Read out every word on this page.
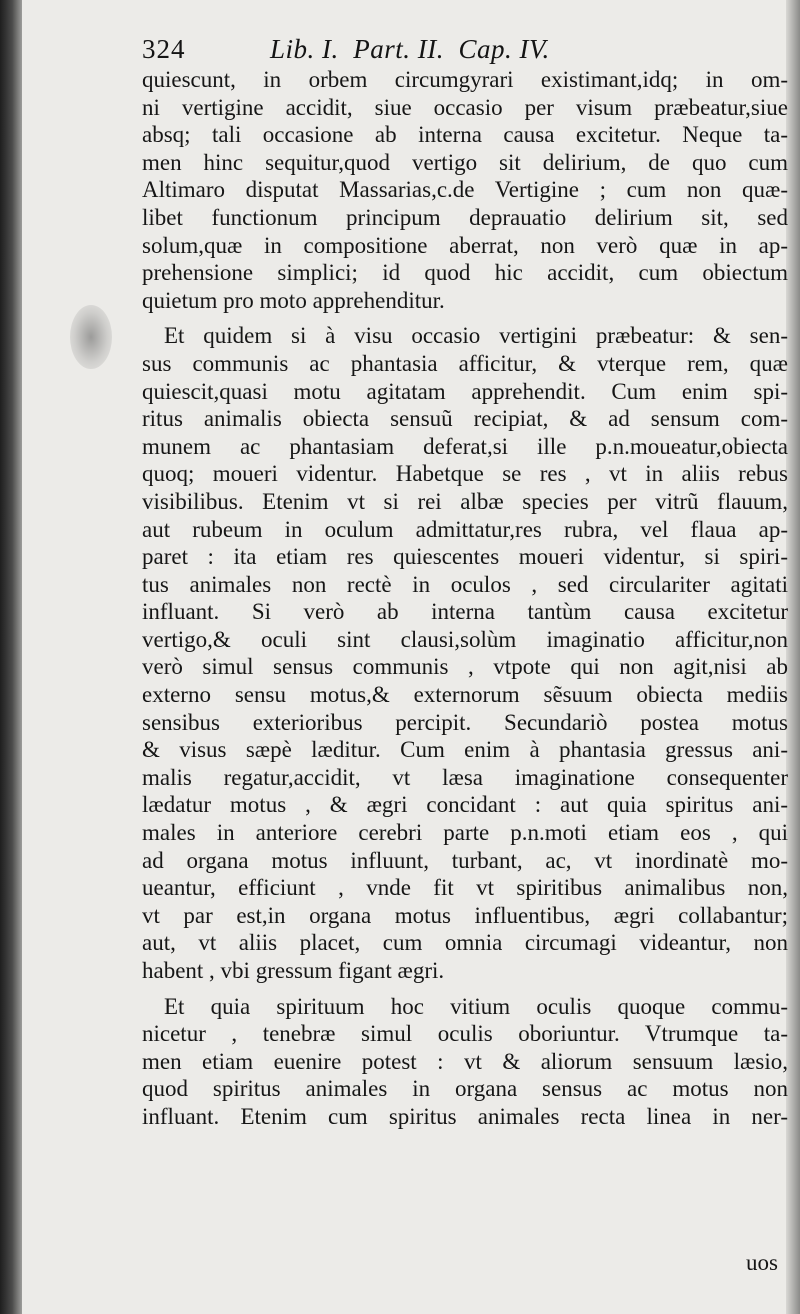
324	Lib. I.  Part. II.  Cap. IV.
quiescunt, in orbem circumgyrari existimant,idq; in om-
ni vertigine accidit, siue occasio per visum præbeatur,siue
absq; tali occasione ab interna causa excitetur. Neque ta-
men hinc sequitur,quod vertigo sit delirium, de quo cum
Altimaro disputat Massarias,c.de Vertigine ; cum non quæ-
libet functionum principum deprauatio delirium sit, sed
solum,quæ in compositione aberrat, non verò quæ in ap-
prehensione simplici; id quod hic accidit, cum obiectum
quietum pro moto apprehenditur.
Et quidem si à visu occasio vertigini præbeatur: & sen-
sus communis ac phantasia afficitur, & vterque rem, quæ
quiescit,quasi motu agitatam apprehendit. Cum enim spi-
ritus animalis obiecta sensuũ recipiat, & ad sensum com-
munem ac phantasiam deferat,si ille p.n.moueatur,obiecta
quoq; moueri videntur. Habetque se res , vt in aliis rebus
visibilibus. Etenim vt si rei albæ species per vitrũ flauum,
aut rubeum in oculum admittatur,res rubra, vel flaua ap-
paret : ita etiam res quiescentes moueri videntur, si spiri-
tus animales non rectè in oculos , sed circulariter agitati
influant. Si verò ab interna tantùm causa excitetur
vertigo,& oculi sint clausi,solùm imaginatio afficitur,non
verò simul sensus communis , vtpote qui non agit,nisi ab
externo sensu motus,& externorum sẽsuum obiecta mediis
sensibus exterioribus percipit. Secundariò postea motus
& visus sæpè læditur. Cum enim à phantasia gressus ani-
malis regatur,accidit, vt læsa imaginatione consequenter
lædatur motus , & ægri concidant : aut quia spiritus ani-
males in anteriore cerebri parte p.n.moti etiam eos , qui
ad organa motus influunt, turbant, ac, vt inordinatè mo-
ueantur, efficiunt , vnde fit vt spiritibus animalibus non,
vt par est,in organa motus influentibus, ægri collabantur;
aut, vt aliis placet, cum omnia circumagi videantur, non
habent , vbi gressum figant ægri.
Et quia spirituum hoc vitium oculis quoque commu-
nicetur , tenebræ simul oculis oboriuntur. Vtrumque ta-
men etiam euenire potest : vt & aliorum sensuum læsio,
quod spiritus animales in organa sensus ac motus non
influant. Etenim cum spiritus animales recta linea in ner-
uos
